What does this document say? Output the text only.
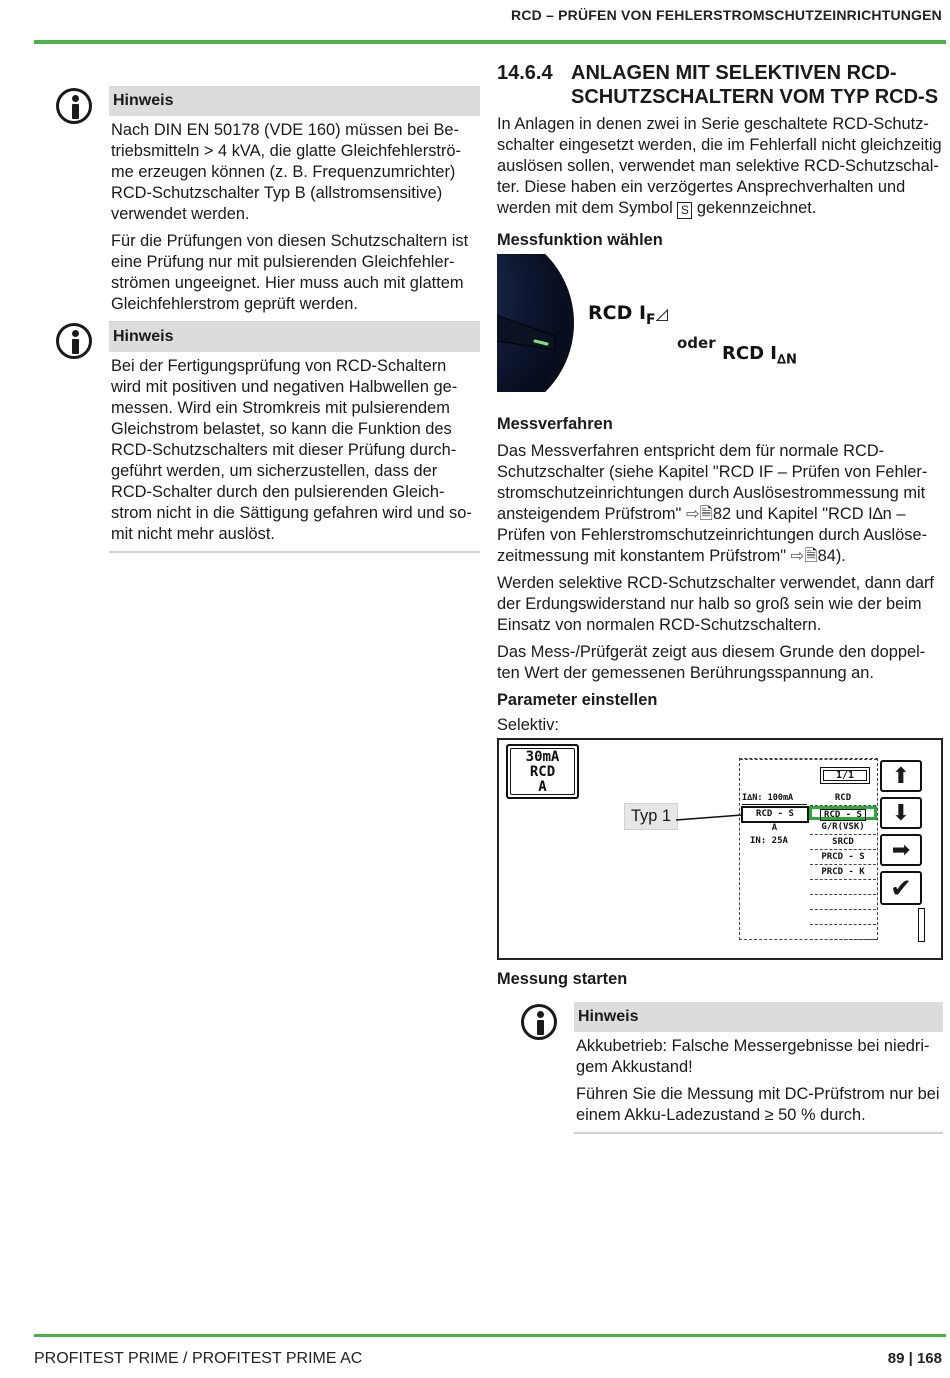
RCD – PRÜFEN VON FEHLERSTROMSCHUTZEINRICHTUNGEN
Hinweis

Nach DIN EN 50178 (VDE 160) müssen bei Be-
triebsmitteln > 4 kVA, die glatte Gleichfehlerströ-
me erzeugen können (z. B. Frequenzumrichter)
RCD-Schutzschalter Typ B (allstromsensitive)
verwendet werden.

Für die Prüfungen von diesen Schutzschaltern ist
eine Prüfung nur mit pulsierenden Gleichfehler-
strömen ungeeignet. Hier muss auch mit glattem
Gleichfehlerstrom geprüft werden.

Hinweis

Bei der Fertigungsprüfung von RCD-Schaltern
wird mit positiven und negativen Halbwellen ge-
messen. Wird ein Stromkreis mit pulsierendem
Gleichstrom belastet, so kann die Funktion des
RCD-Schutzschalters mit dieser Prüfung durch-
geführt werden, um sicherzustellen, dass der
RCD-Schalter durch den pulsierenden Gleich-
strom nicht in die Sättigung gefahren wird und so-
mit nicht mehr auslöst.

14.6.4 ANLAGEN MIT SELEKTIVEN RCD-
SCHUTZSCHALTERN VOM TYP RCD-S

In Anlagen in denen zwei in Serie geschaltete RCD-Schutz-
schalter eingesetzt werden, die im Fehlerfall nicht gleichzeitig
auslösen sollen, verwendet man selektive RCD-Schutzschal-
ter. Diese haben ein verzögertes Ansprechverhalten und
werden mit dem Symbol S gekennzeichnet.

Messfunktion wählen
RCD $I_F◿$
oder RCD $I_{\Delta N}$
Messverfahren

Das Messverfahren entspricht dem für normale RCD-
Schutzschalter (siehe Kapitel "RCD IF – Prüfen von Fehler-
stromschutzeinrichtungen durch Auslösestrommessung mit
ansteigendem Prüfstrom" ⇨🗎82 und Kapitel "RCD I∆n –
Prüfen von Fehlerstromschutzeinrichtungen durch Auslöse-
zeitmessung mit konstantem Prüfstrom" ⇨🗎84).

Werden selektive RCD-Schutzschalter verwendet, dann darf
der Erdungswiderstand nur halb so groß sein wie der beim
Einsatz von normalen RCD-Schutzschaltern.

Das Mess-/Prüfgerät zeigt aus diesem Grunde den doppel-
ten Wert der gemessenen Berührungsspannung an.

Parameter einstellen
Selektiv:
30mA
RCD
A
Typ 1
1/1
I∆N: 100mA
RCD - S
A
IN: 25A
RCD
RCD - S
G/R(VSK)
SRCD
PRCD - S
PRCD - K
⬆
⬇
➡
✔
Messung starten
Hinweis

Akkubetrieb: Falsche Messergebnisse bei niedri-
gem Akkustand!

Führen Sie die Messung mit DC-Prüfstrom nur bei
einem Akku-Ladezustand ≥ 50 % durch.

PROFITEST PRIME / PROFITEST PRIME AC	89 | 168
